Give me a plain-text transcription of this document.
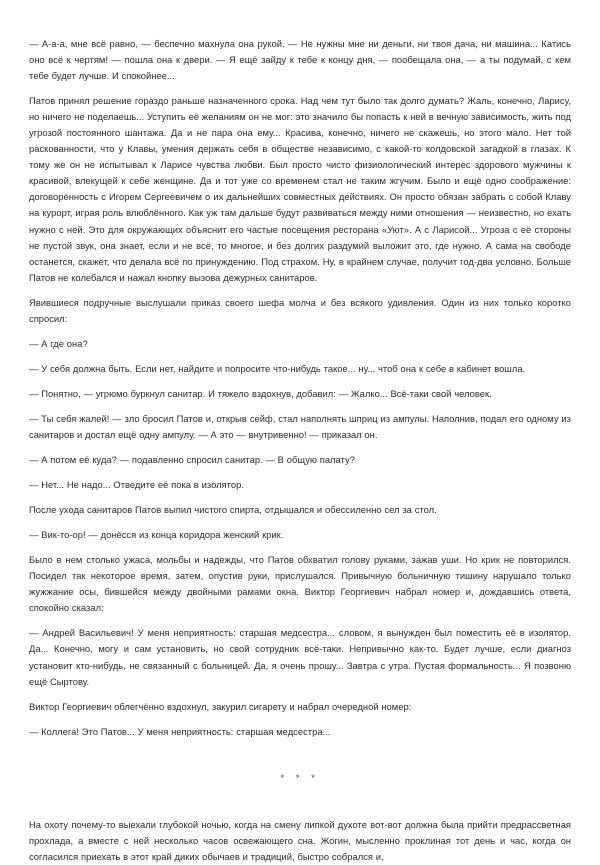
— А-а-а, мне всё равно, — беспечно махнула она рукой. — Не нужны мне ни деньги, ни твоя дача, ни машина... Катись оно всё к чертям! — пошла она к двери. — Я ещё зайду к тебе к концу дня, — пообещала она, — а ты подумай, с кем тебе будет лучше. И спокойнее...

Патов принял решение гораздо раньше назначенного срока. Над чем тут было так долго думать? Жаль, конечно, Ларису, но ничего не поделаешь... Уступить её желаниям он не мог: это значило бы попасть к ней в вечную зависимость, жить под угрозой постоянного шантажа. Да и не пара она ему... Красива, конечно, ничего не скажешь, но этого мало. Нет той раскованности, что у Клавы, умения держать себя в обществе независимо, с какой-то колдовской загадкой в глазах. К тому же он не испытывал к Ларисе чувства любви. Был просто чисто физиологический интерес здорового мужчины к красивой, влекущей к себе женщине. Да и тот уже со временем стал не таким жгучим. Было и ещё одно соображение: договорённость с Игорем Сергеевичем о их дальнейших совместных действиях. Он просто обязан забрать с собой Клаву на курорт, играя роль влюблённого. Как уж там дальше будут развиваться между ними отношения — неизвестно, но ехать нужно с ней. Это для окружающих объяснит его частые посещения ресторана «Уют». А с Ларисой... Угроза с её стороны не пустой звук, она знает, если и не всё, то многое, и без долгих раздумий выложит это, где нужно. А сама на свободе останется, скажет, что делала всё по принуждению. Под страхом. Ну, в крайнем случае, получит год-два условно. Больше Патов не колебался и нажал кнопку вызова дежурных санитаров.

Явившиеся подручные выслушали приказ своего шефа молча и без всякого удивления. Один из них только коротко спросил:

— А где она?

— У себя должна быть. Если нет, найдите и попросите что-нибудь такое... ну... чтоб она к себе в кабинет вошла.

— Понятно, — угрюмо буркнул санитар. И тяжело вздохнув, добавил: — Жалко... Всё-таки свой человек.

— Ты себя жалей! — зло бросил Патов и, открыв сейф, стал наполнять шприц из ампулы. Наполнив, подал его одному из санитаров и достал ещё одну ампулу. — А это — внутривенно! — приказал он.

— А потом её куда? — подавленно спросил санитар. — В общую палату?

— Нет... Не надо... Отведите её пока в изолятор.

После ухода санитаров Патов выпил чистого спирта, отдышался и обессиленно сел за стол.

— Вик-то-ор! — донёсся из конца коридора женский крик.

Было в нем столько ужаса, мольбы и надежды, что Патов обхватил голову руками, зажав уши. Но крик не повторился. Посидел так некоторое время, затем, опустив руки, прислушался. Привычную больничную тишину нарушало только жужжание осы, бившейся между двойными рамами окна. Виктор Георгиевич набрал номер и, дождавшись ответа, спокойно сказал:

— Андрей Васильевич! У меня неприятность: старшая медсестра... словом, я вынужден был поместить её в изолятор. Да... Конечно, могу и сам установить, но свой сотрудник всё-таки. Непривычно как-то. Будет лучше, если диагноз установит кто-нибудь, не связанный с больницей. Да, я очень прошу... Завтра с утра. Пустая формальность... Я позвоню ещё Сыртову.

Виктор Георгиевич облегчённо вздохнул, закурил сигарету и набрал очередной номер:

— Коллега! Это Патов... У меня неприятность: старшая медсестра...

* * *

На охоту почему-то выехали глубокой ночью, когда на смену липкой духоте вот-вот должна была прийти предрассветная прохлада, а вместе с ней несколько часов освежающего сна. Жогин, мысленно проклиная тот день и час, когда он согласился приехать в этот край диких обычаев и традиций, быстро собрался и,
